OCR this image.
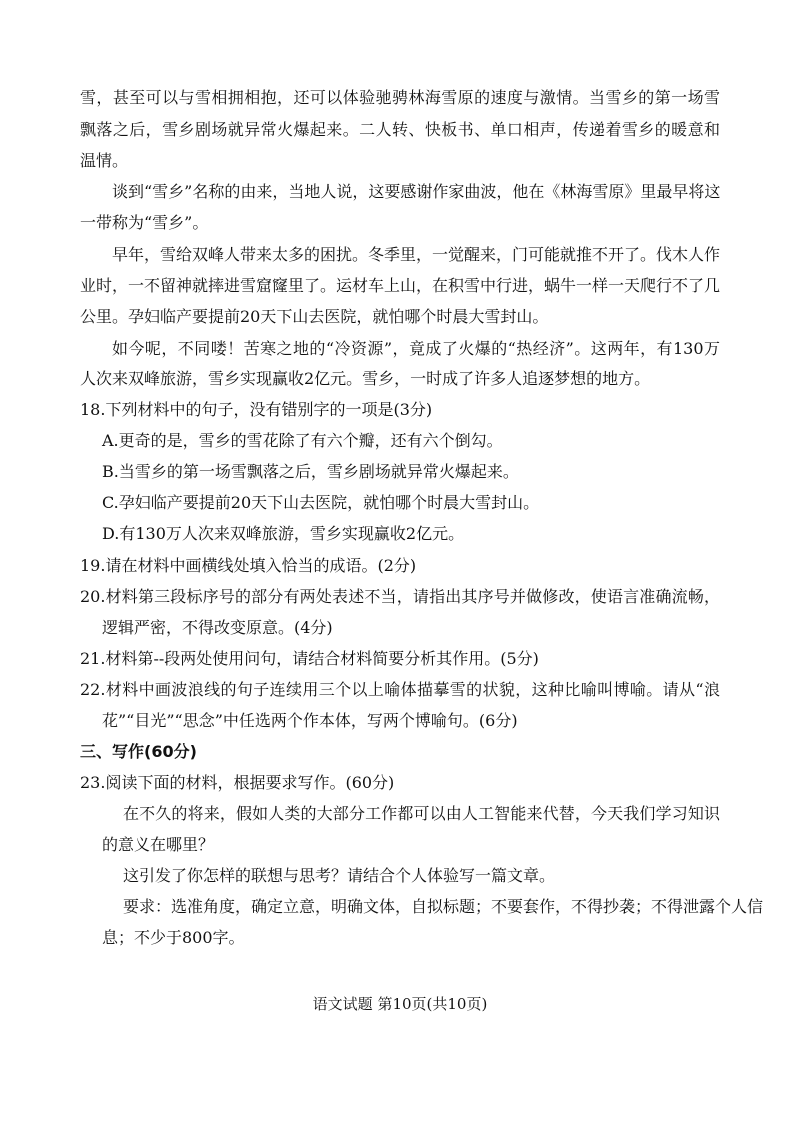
雪，甚至可以与雪相拥相抱，还可以体验驰骋林海雪原的速度与激情。当雪乡的第一场雪
飘落之后，雪乡剧场就异常火爆起来。二人转、快板书、单口相声，传递着雪乡的暖意和
温情。
谈到“雪乡”名称的由来，当地人说，这要感谢作家曲波，他在《林海雪原》里最早将这
一带称为“雪乡”。
早年，雪给双峰人带来太多的困扰。冬季里，一觉醒来，门可能就推不开了。伐木人作
业时，一不留神就摔进雪窟窿里了。运材车上山，在积雪中行进，蜗牛一样一天爬行不了几
公里。孕妇临产要提前20天下山去医院，就怕哪个时晨大雪封山。
如今呢，不同喽！苦寒之地的“冷资源”，竟成了火爆的“热经济”。这两年，有130万
人次来双峰旅游，雪乡实现赢收2亿元。雪乡，一时成了许多人追逐梦想的地方。
18.下列材料中的句子，没有错别字的一项是(3分)
A.更奇的是，雪乡的雪花除了有六个瓣，还有六个倒勾。
B.当雪乡的第一场雪飘落之后，雪乡剧场就异常火爆起来。
C.孕妇临产要提前20天下山去医院，就怕哪个时晨大雪封山。
D.有130万人次来双峰旅游，雪乡实现赢收2亿元。
19.请在材料中画横线处填入恰当的成语。(2分)
20.材料第三段标序号的部分有两处表述不当，请指出其序号并做修改，使语言准确流畅，
逻辑严密，不得改变原意。(4分)
21.材料第--段两处使用问句，请结合材料简要分析其作用。(5分)
22.材料中画波浪线的句子连续用三个以上喻体描摹雪的状貌，这种比喻叫博喻。请从“浪
花”“目光”“思念”中任选两个作本体，写两个博喻句。(6分)
三、写作(60分)
23.阅读下面的材料，根据要求写作。(60分)
在不久的将来，假如人类的大部分工作都可以由人工智能来代替，今天我们学习知识
的意义在哪里？
这引发了你怎样的联想与思考？请结合个人体验写一篇文章。
要求：选准角度，确定立意，明确文体，自拟标题；不要套作，不得抄袭；不得泄露个人信
息；不少于800字。
语文试题 第10页(共10页)
